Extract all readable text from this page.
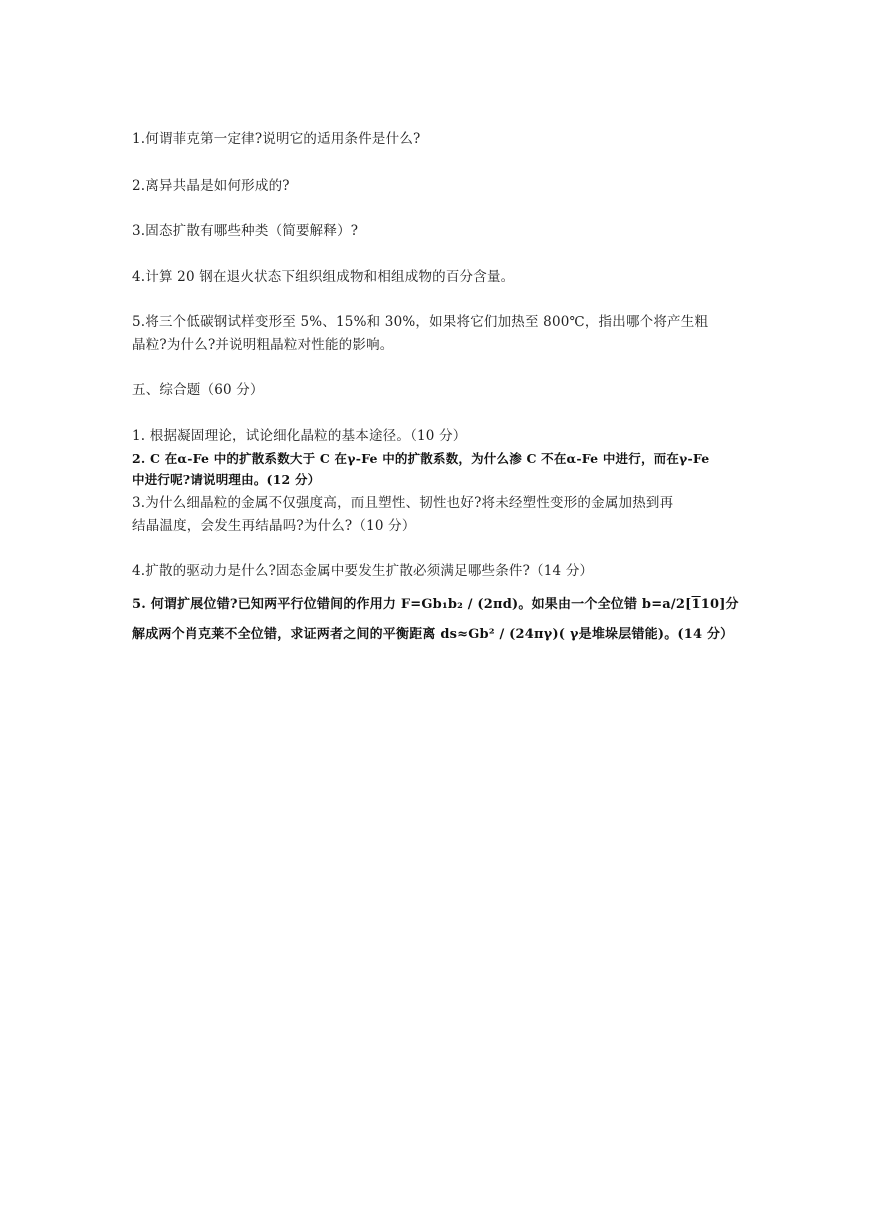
1.何谓菲克第一定律?说明它的适用条件是什么?
2.离异共晶是如何形成的?
3.固态扩散有哪些种类（简要解释）?
4.计算 20 钢在退火状态下组织组成物和相组成物的百分含量。
5.将三个低碳钢试样变形至 5%、15%和 30%，如果将它们加热至 800℃，指出哪个将产生粗
晶粒?为什么?并说明粗晶粒对性能的影响。
五、综合题（60 分）
1. 根据凝固理论，试论细化晶粒的基本途径。（10 分）
2. C 在α-Fe 中的扩散系数大于 C 在γ-Fe 中的扩散系数，为什么渗 C 不在α-Fe 中进行，而在γ-Fe
中进行呢?请说明理由。(12 分）
3.为什么细晶粒的金属不仅强度高，而且塑性、韧性也好?将未经塑性变形的金属加热到再
结晶温度，会发生再结晶吗?为什么?（10 分）
4.扩散的驱动力是什么?固态金属中要发生扩散必须满足哪些条件?（14 分）
5. 何谓扩展位错?已知两平行位错间的作用力 F=Gb₁b₂ / (2πd)。如果由一个全位错 b=a/2[110]分
解成两个肖克莱不全位错，求证两者之间的平衡距离 ds≈Gb² / (24πγ)( γ是堆垛层错能)。(14 分）
